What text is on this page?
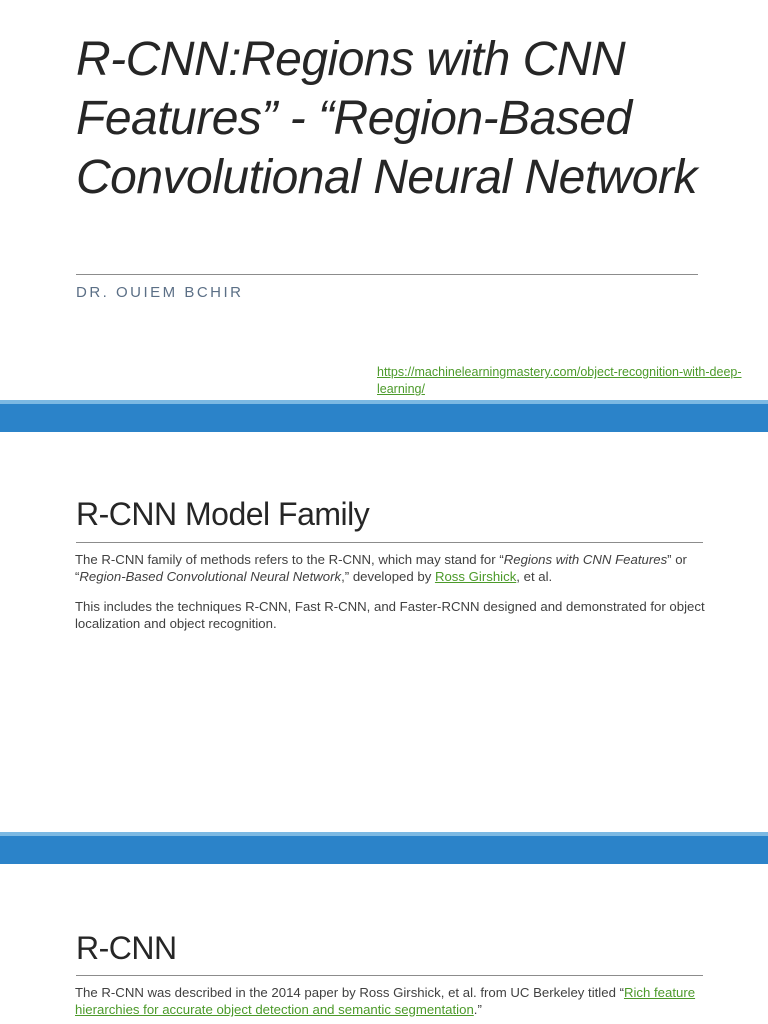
R-CNN:Regions with CNN Features” - “Region-Based Convolutional Neural Network

DR. OUIEM BCHIR

https://machinelearningmastery.com/object-recognition-with-deep-learning/

R-CNN Model Family

The R-CNN family of methods refers to the R-CNN, which may stand for “Regions with CNN Features” or “Region-Based Convolutional Neural Network,” developed by Ross Girshick, et al.

This includes the techniques R-CNN, Fast R-CNN, and Faster-RCNN designed and demonstrated for object localization and object recognition.

R-CNN

The R-CNN was described in the 2014 paper by Ross Girshick, et al. from UC Berkeley titled “Rich feature hierarchies for accurate object detection and semantic segmentation.”
